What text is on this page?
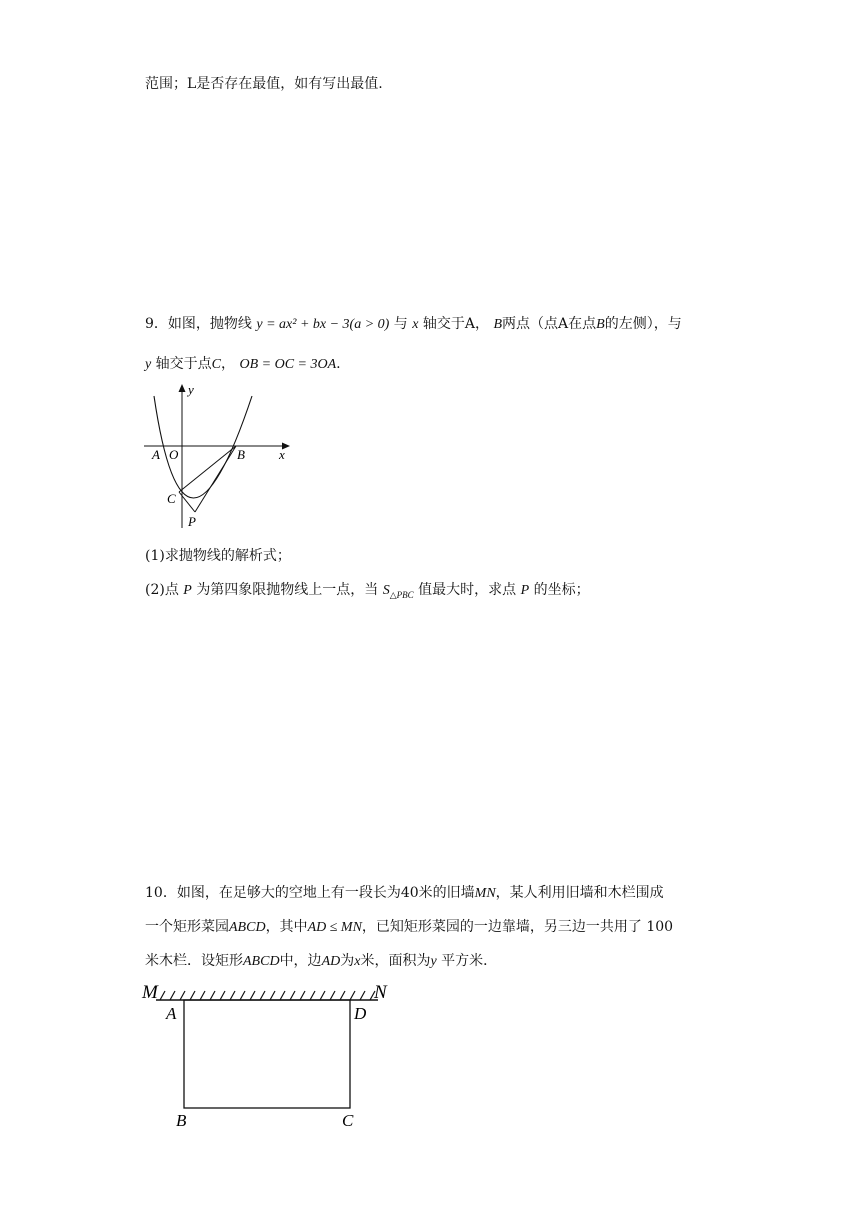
范围；L是否存在最值，如有写出最值.
9．如图，抛物线 y = ax² + bx − 3(a > 0) 与 x 轴交于A， B两点（点A在点B的左侧），与
y 轴交于点C， OB = OC = 3OA.
y
x
A O	B
C
P
(1)求抛物线的解析式；
(2)点 P 为第四象限抛物线上一点，当 $S_{\triangle PBC}$ 值最大时，求点 P 的坐标；
10．如图，在足够大的空地上有一段长为40米的旧墙MN，某人利用旧墙和木栏围成
一个矩形菜园ABCD，其中AD ≤ MN，已知矩形菜园的一边靠墙，另三边一共用了 100
米木栏．设矩形ABCD中，边AD为x米，面积为y 平方米．
M	N
A	D
B	C
